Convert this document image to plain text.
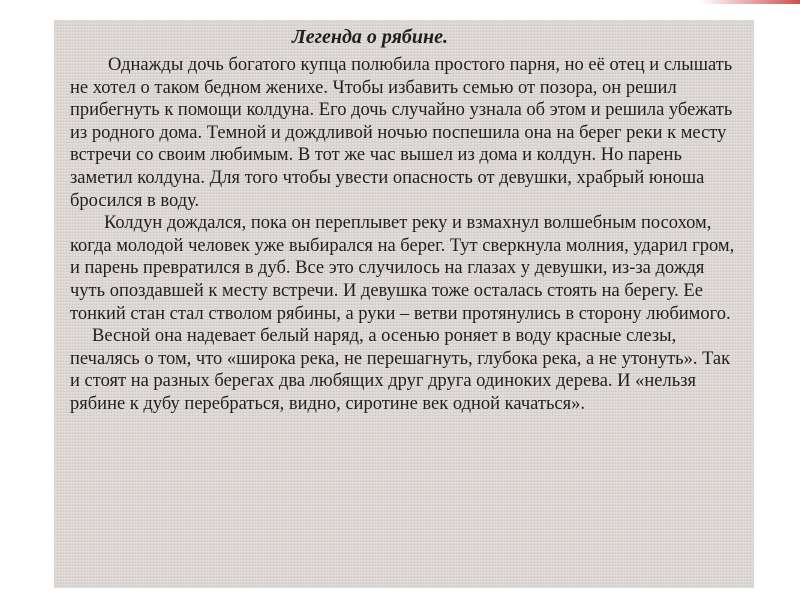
Легенда о рябине.

Однажды дочь богатого купца полюбила простого парня, но её отец и слышать не хотел о таком бедном женихе. Чтобы избавить семью от позора, он решил прибегнуть к помощи колдуна. Его дочь случайно узнала об этом и решила убежать из родного дома. Темной и дождливой ночью поспешила она на берег реки к месту встречи со своим любимым. В тот же час вышел из дома и колдун. Но парень заметил колдуна. Для того чтобы увести опасность от девушки, храбрый юноша бросился в воду.

Колдун дождался, пока он переплывет реку и взмахнул волшебным посохом, когда молодой человек уже выбирался на берег. Тут сверкнула молния, ударил гром, и парень превратился в дуб. Все это случилось на глазах у девушки, из-за дождя чуть опоздавшей к месту встречи. И девушка тоже осталась стоять на берегу. Ее тонкий стан стал стволом рябины, а руки – ветви протянулись в сторону любимого.

Весной она надевает белый наряд, а осенью роняет в воду красные слезы, печалясь о том, что «широка река, не перешагнуть, глубока река, а не утонуть». Так и стоят на разных берегах два любящих друг друга одиноких дерева. И «нельзя рябине к дубу перебраться, видно, сиротине век одной качаться».
